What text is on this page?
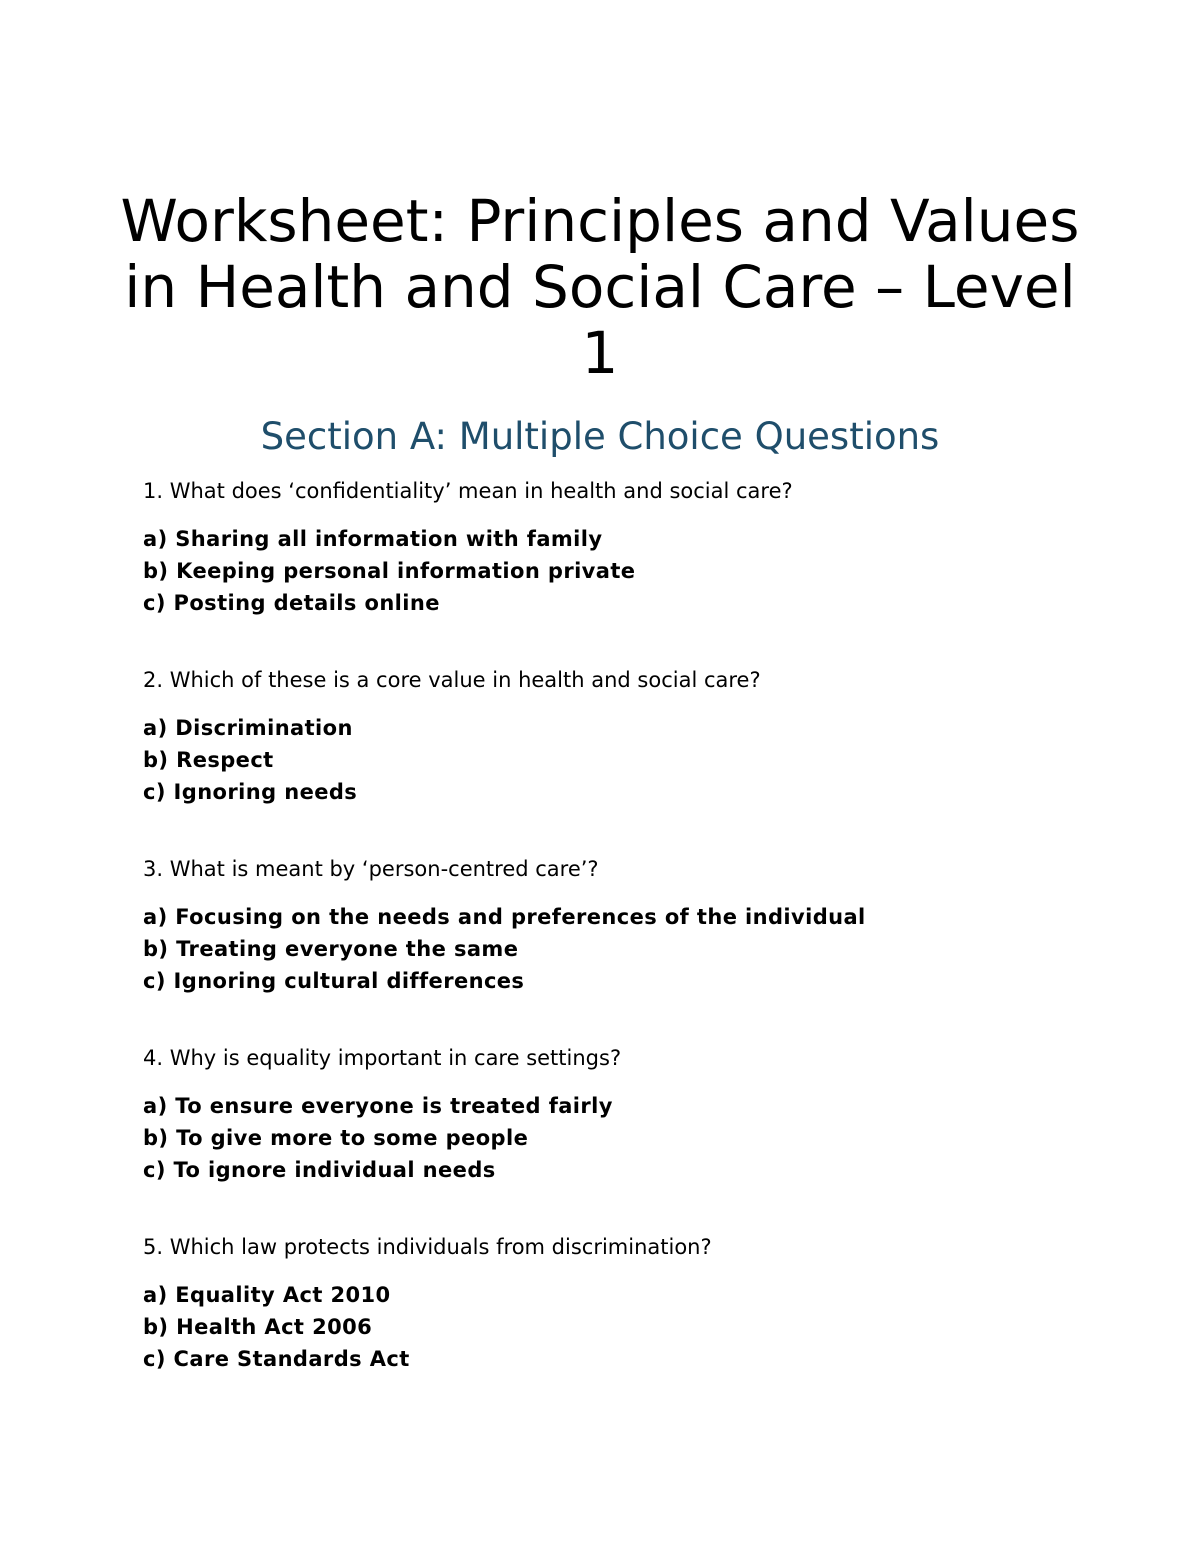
Worksheet: Principles and Values
in Health and Social Care – Level
1
Section A: Multiple Choice Questions

1. What does ‘confidentiality’ mean in health and social care?

a) Sharing all information with family
b) Keeping personal information private
c) Posting details online

2. Which of these is a core value in health and social care?

a) Discrimination
b) Respect
c) Ignoring needs

3. What is meant by ‘person-centred care’?

a) Focusing on the needs and preferences of the individual
b) Treating everyone the same
c) Ignoring cultural differences

4. Why is equality important in care settings?

a) To ensure everyone is treated fairly
b) To give more to some people
c) To ignore individual needs

5. Which law protects individuals from discrimination?

a) Equality Act 2010
b) Health Act 2006
c) Care Standards Act
